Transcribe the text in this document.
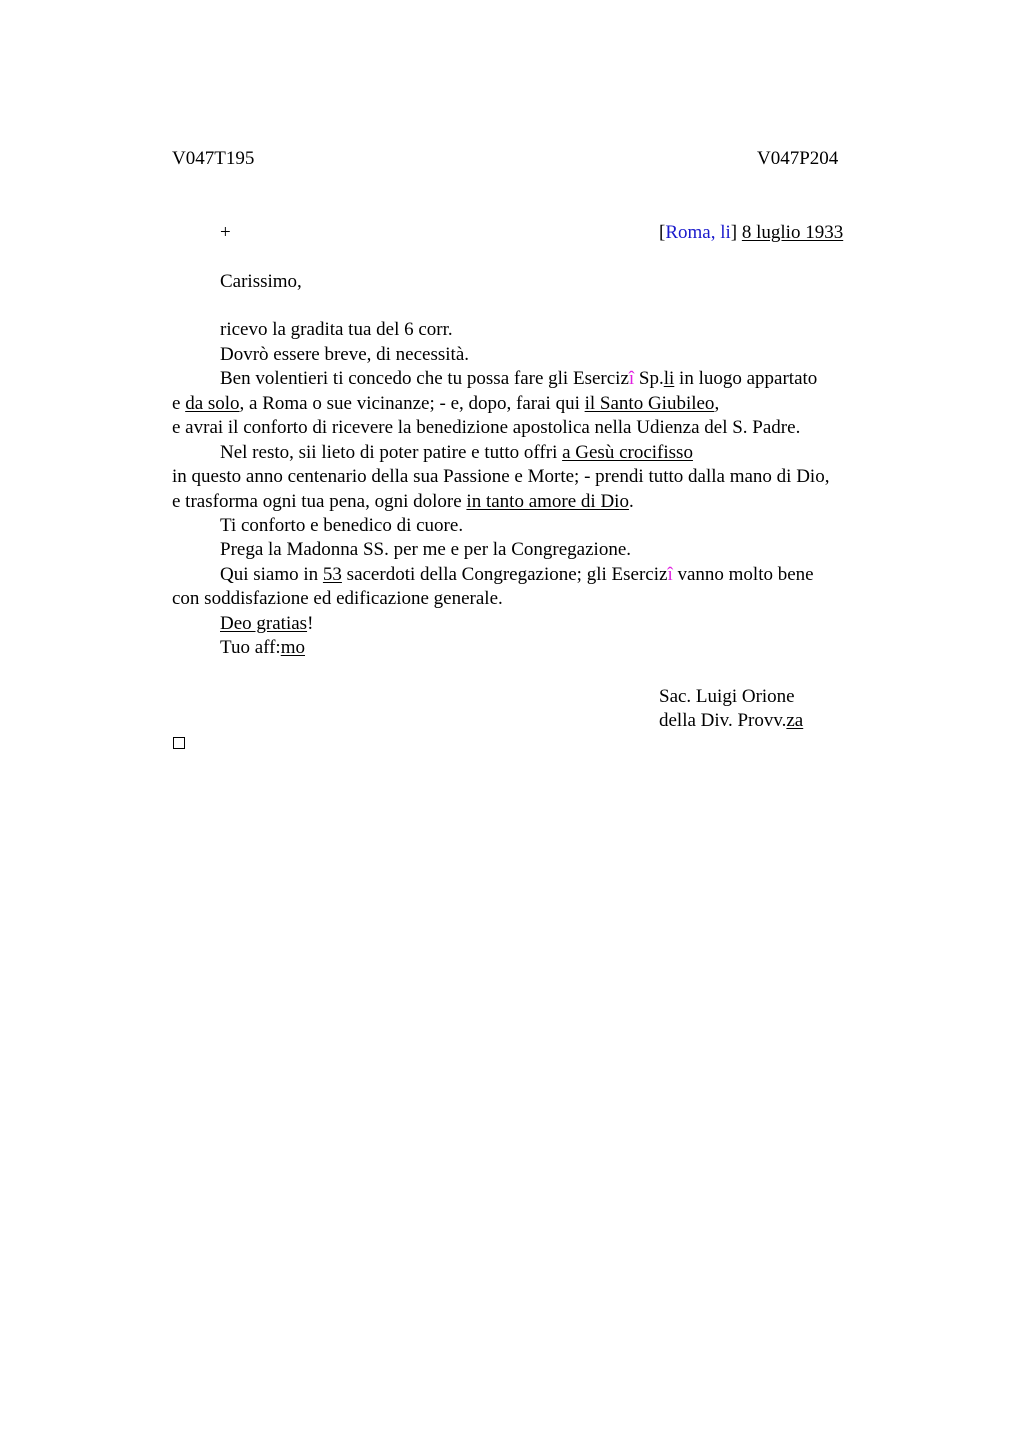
V047T195	V047P204
+	[Roma, li] 8 luglio 1933
Carissimo,
ricevo la gradita tua del 6 corr.
Dovrò essere breve, di necessità.
Ben volentieri ti concedo che tu possa fare gli Esercizî Sp.li in luogo appartato
e da solo, a Roma o sue vicinanze; - e, dopo, farai qui il Santo Giubileo,
e avrai il conforto di ricevere la benedizione apostolica nella Udienza del S. Padre.
Nel resto, sii lieto di poter patire e tutto offri a Gesù crocifisso
in questo anno centenario della sua Passione e Morte; - prendi tutto dalla mano di Dio,
e trasforma ogni tua pena, ogni dolore in tanto amore di Dio.
Ti conforto e benedico di cuore.
Prega la Madonna SS. per me e per la Congregazione.
Qui siamo in 53 sacerdoti della Congregazione; gli Esercizî vanno molto bene
con soddisfazione ed edificazione generale.
Deo gratias!
Tuo aff:mo
Sac. Luigi Orione
della Div. Provv.za
